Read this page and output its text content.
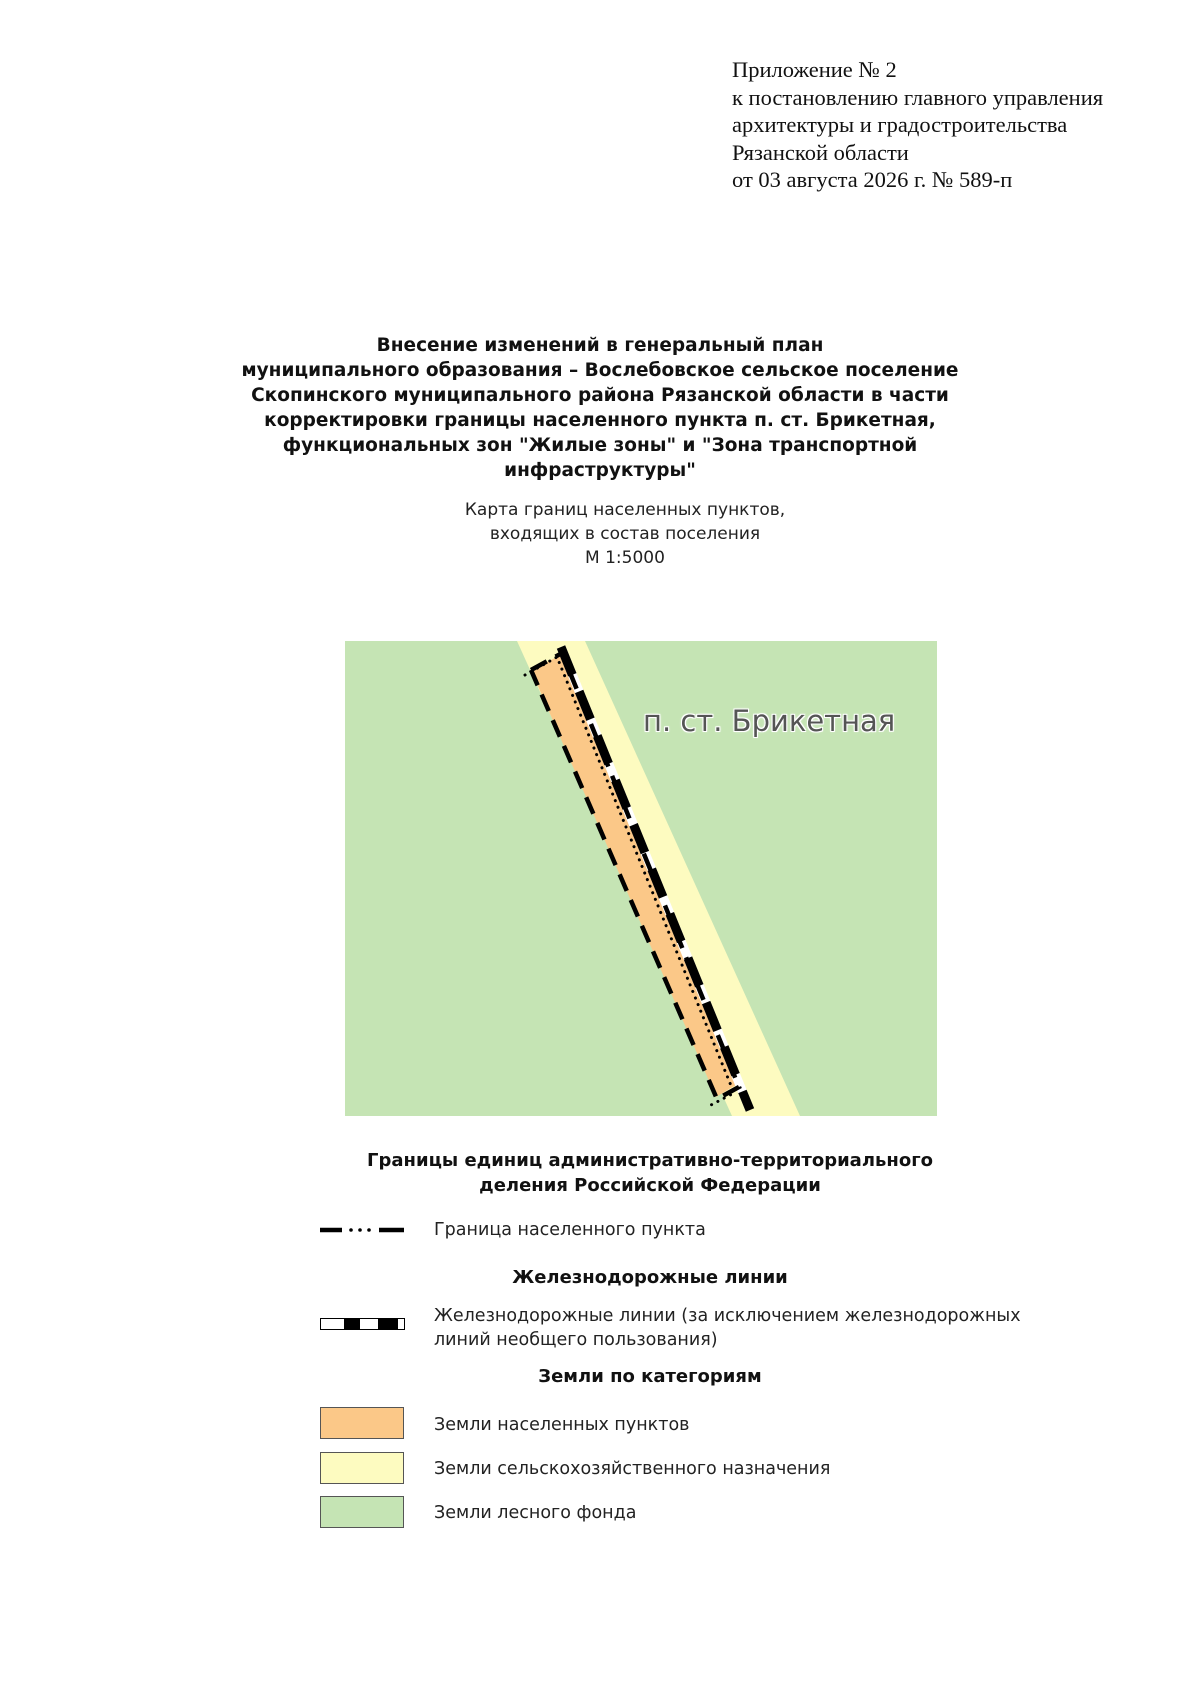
Приложение № 2
к постановлению главного управления
архитектуры и градостроительства
Рязанской области
от 03 августа 2026 г. № 589-п
Внесение изменений в генеральный план
муниципального образования – Вослебовское сельское поселение
Скопинского муниципального района Рязанской области в части
корректировки границы населенного пункта п. ст. Брикетная,
функциональных зон "Жилые зоны" и "Зона транспортной
инфраструктуры"
Карта границ населенных пунктов,
входящих в состав поселения
М 1:5000
п. ст. Брикетная
Границы единиц административно-территориального
деления Российской Федерации
Граница населенного пункта
Железнодорожные линии
Железнодорожные линии (за исключением железнодорожных
линий необщего пользования)
Земли по категориям
Земли населенных пунктов
Земли сельскохозяйственного назначения
Земли лесного фонда
